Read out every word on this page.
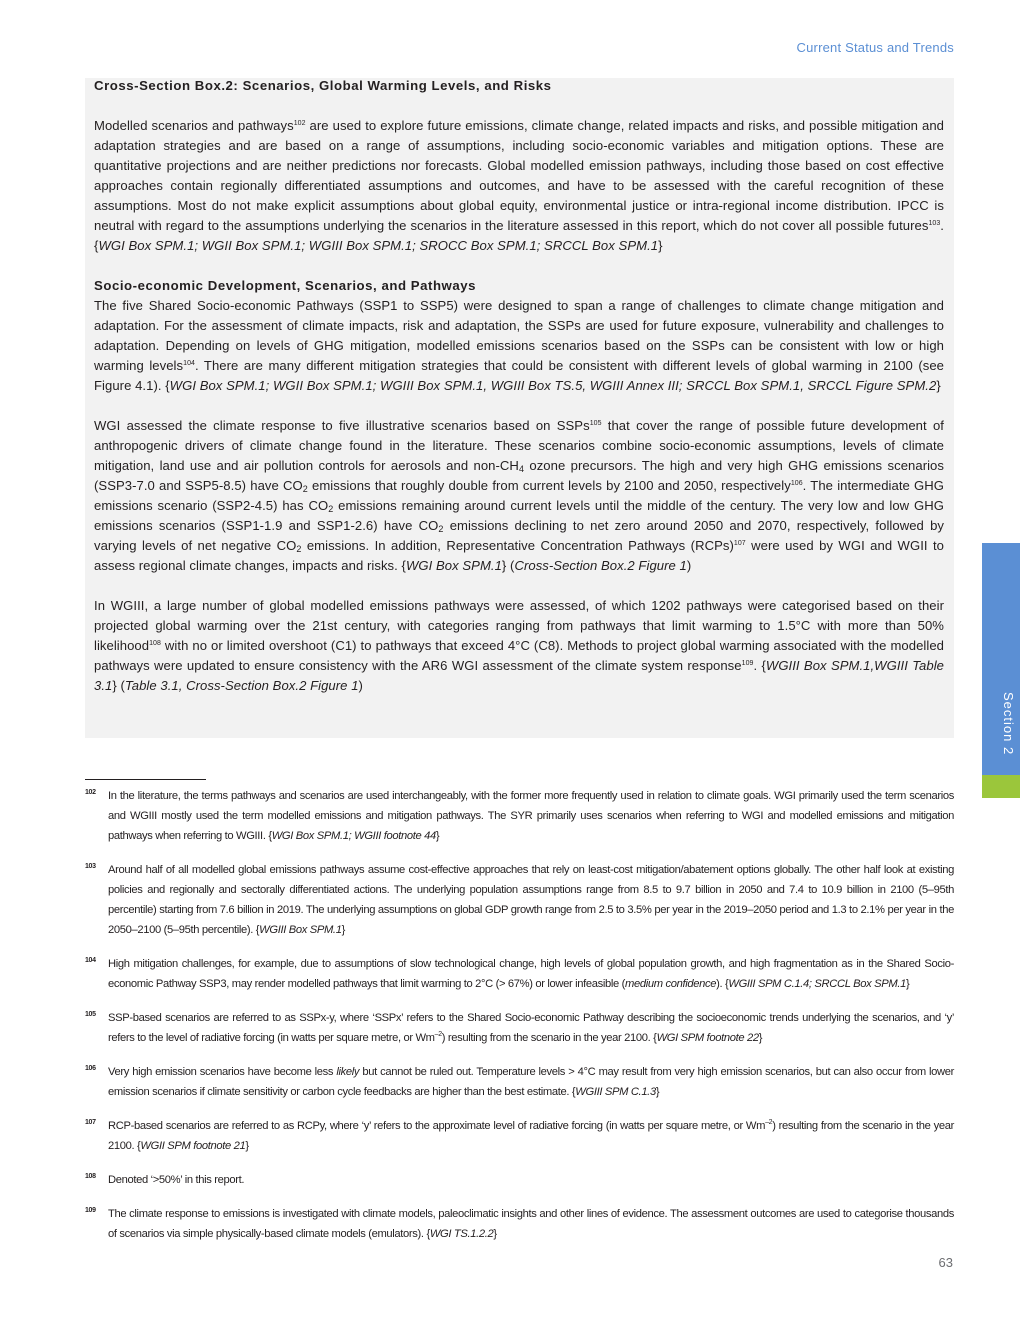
Current Status and Trends
Cross-Section Box.2: Scenarios, Global Warming Levels, and Risks

Modelled scenarios and pathways$^{102}$ are used to explore future emissions, climate change, related impacts and risks, and possible mitigation and adaptation strategies and are based on a range of assumptions, including socio-economic variables and mitigation options. These are quantitative projections and are neither predictions nor forecasts. Global modelled emission pathways, including those based on cost effective approaches contain regionally differentiated assumptions and outcomes, and have to be assessed with the careful recognition of these assumptions. Most do not make explicit assumptions about global equity, environmental justice or intra-regional income distribution. IPCC is neutral with regard to the assumptions underlying the scenarios in the literature assessed in this report, which do not cover all possible futures$^{103}$. {WGI Box SPM.1; WGII Box SPM.1; WGIII Box SPM.1; SROCC Box SPM.1; SRCCL Box SPM.1}

Socio-economic Development, Scenarios, and Pathways

The five Shared Socio-economic Pathways (SSP1 to SSP5) were designed to span a range of challenges to climate change mitigation and adaptation. For the assessment of climate impacts, risk and adaptation, the SSPs are used for future exposure, vulnerability and challenges to adaptation. Depending on levels of GHG mitigation, modelled emissions scenarios based on the SSPs can be consistent with low or high warming levels$^{104}$. There are many different mitigation strategies that could be consistent with different levels of global warming in 2100 (see Figure 4.1). {WGI Box SPM.1; WGII Box SPM.1; WGIII Box SPM.1, WGIII Box TS.5, WGIII Annex III; SRCCL Box SPM.1, SRCCL Figure SPM.2}

WGI assessed the climate response to five illustrative scenarios based on SSPs$^{105}$ that cover the range of possible future development of anthropogenic drivers of climate change found in the literature. These scenarios combine socio-economic assumptions, levels of climate mitigation, land use and air pollution controls for aerosols and non-$CH_4$ ozone precursors. The high and very high GHG emissions scenarios (SSP3-7.0 and SSP5-8.5) have $CO_2$ emissions that roughly double from current levels by 2100 and 2050, respectively$^{106}$. The intermediate GHG emissions scenario (SSP2-4.5) has $CO_2$ emissions remaining around current levels until the middle of the century. The very low and low GHG emissions scenarios (SSP1-1.9 and SSP1-2.6) have $CO_2$ emissions declining to net zero around 2050 and 2070, respectively, followed by varying levels of net negative $CO_2$ emissions. In addition, Representative Concentration Pathways (RCPs)$^{107}$ were used by WGI and WGII to assess regional climate changes, impacts and risks. {WGI Box SPM.1} (Cross-Section Box.2 Figure 1)

In WGIII, a large number of global modelled emissions pathways were assessed, of which 1202 pathways were categorised based on their projected global warming over the 21st century, with categories ranging from pathways that limit warming to 1.5°C with more than 50% likelihood$^{108}$ with no or limited overshoot (C1) to pathways that exceed 4°C (C8). Methods to project global warming associated with the modelled pathways were updated to ensure consistency with the AR6 WGI assessment of the climate system response$^{109}$. {WGIII Box SPM.1,WGIII Table 3.1} (Table 3.1, Cross-Section Box.2 Figure 1)

Section 2
102	In the literature, the terms pathways and scenarios are used interchangeably, with the former more frequently used in relation to climate goals. WGI primarily used the term scenarios and WGIII mostly used the term modelled emissions and mitigation pathways. The SYR primarily uses scenarios when referring to WGI and modelled emissions and mitigation pathways when referring to WGIII. {WGI Box SPM.1; WGIII footnote 44}
103	Around half of all modelled global emissions pathways assume cost-effective approaches that rely on least-cost mitigation/abatement options globally. The other half look at existing policies and regionally and sectorally differentiated actions. The underlying population assumptions range from 8.5 to 9.7 billion in 2050 and 7.4 to 10.9 billion in 2100 (5–95th percentile) starting from 7.6 billion in 2019. The underlying assumptions on global GDP growth range from 2.5 to 3.5% per year in the 2019–2050 period and 1.3 to 2.1% per year in the 2050–2100 (5–95th percentile). {WGIII Box SPM.1}
104	High mitigation challenges, for example, due to assumptions of slow technological change, high levels of global population growth, and high fragmentation as in the Shared Socio-economic Pathway SSP3, may render modelled pathways that limit warming to 2°C (> 67%) or lower infeasible (medium confidence). {WGIII SPM C.1.4; SRCCL Box SPM.1}
105	SSP-based scenarios are referred to as SSPx-y, where ‘SSPx’ refers to the Shared Socio-economic Pathway describing the socioeconomic trends underlying the scenarios, and ‘y’ refers to the level of radiative forcing (in watts per square metre, or $Wm^{-2}$) resulting from the scenario in the year 2100. {WGI SPM footnote 22}
106	Very high emission scenarios have become less likely but cannot be ruled out. Temperature levels > 4°C may result from very high emission scenarios, but can also occur from lower emission scenarios if climate sensitivity or carbon cycle feedbacks are higher than the best estimate. {WGIII SPM C.1.3}
107	RCP-based scenarios are referred to as RCPy, where ‘y’ refers to the approximate level of radiative forcing (in watts per square metre, or $Wm^{-2}$) resulting from the scenario in the year 2100. {WGII SPM footnote 21}
108	Denoted ‘>50%’ in this report.
109	The climate response to emissions is investigated with climate models, paleoclimatic insights and other lines of evidence. The assessment outcomes are used to categorise thousands of scenarios via simple physically-based climate models (emulators). {WGI TS.1.2.2}
63
